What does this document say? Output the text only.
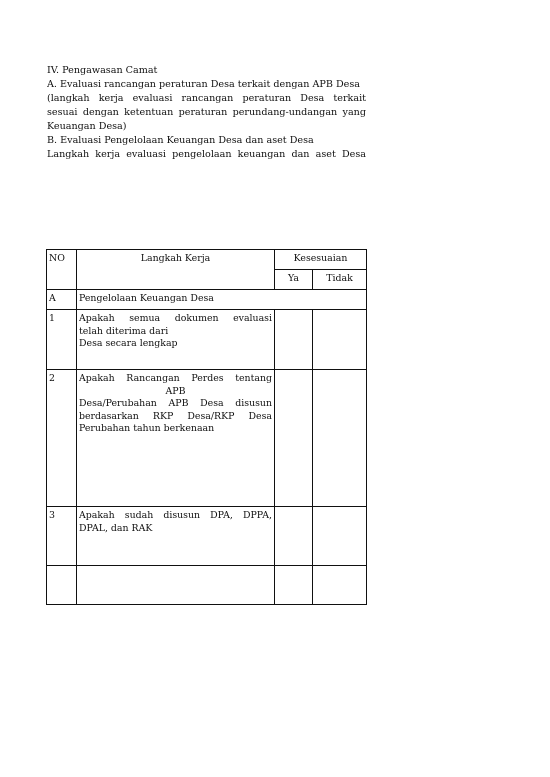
IV. Pengawasan Camat
A. Evaluasi rancangan peraturan Desa terkait dengan APB Desa
(langkah kerja evaluasi rancangan peraturan Desa terkait
sesuai dengan ketentuan peraturan perundang-undangan yang
Keuangan Desa)
B. Evaluasi Pengelolaan Keuangan Desa dan aset Desa
Langkah kerja evaluasi pengelolaan keuangan dan aset Desa
NO	Langkah Kerja	Kesesuaian	
		Ya	Tidak
A	Pengelolaan Keuangan Desa		
1	Apakah semua dokumen evaluasi
telah diterima dari
Desa secara lengkap		

2	Apakah Rancangan Perdes tentang
APB
Desa/Perubahan APB Desa disusun
berdasarkan RKP Desa/RKP Desa
Perubahan tahun berkenaan		

3	Apakah sudah disusun DPA, DPPA,
DPAL, dan RAK		
